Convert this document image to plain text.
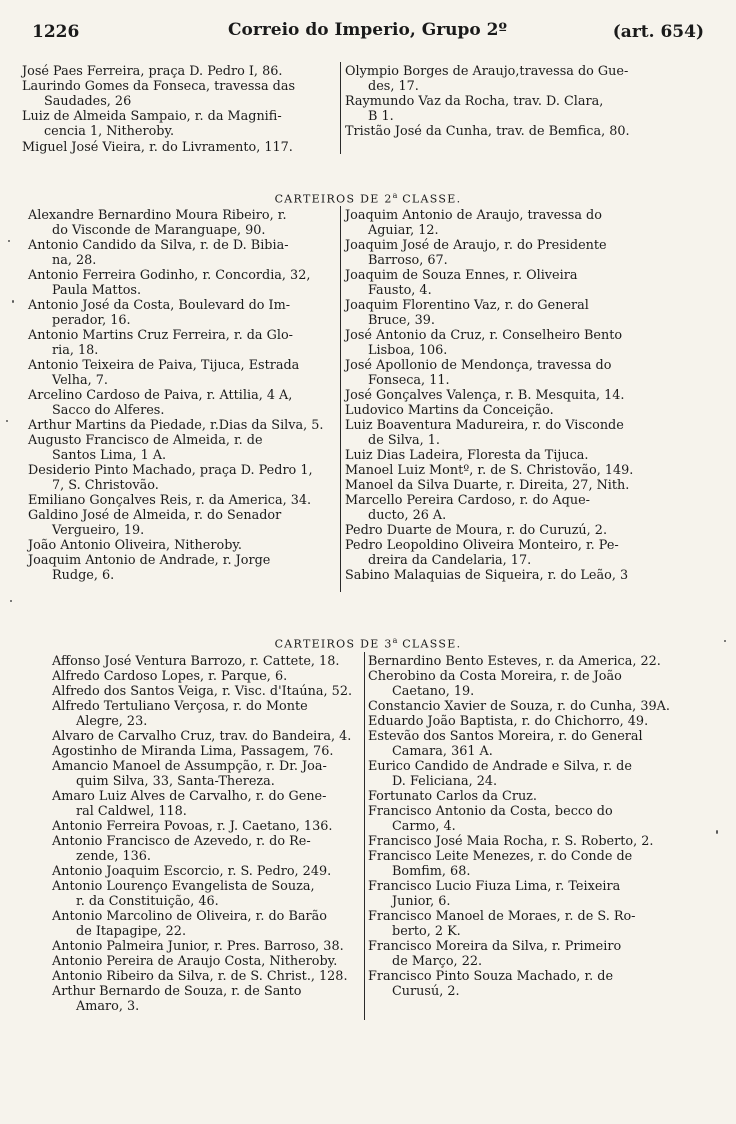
1226	Correio do Imperio, Grupo 2º	(art. 654)
José Paes Ferreira, praça D. Pedro I, 86.
Laurindo Gomes da Fonseca, travessa das
Saudades, 26
Luiz de Almeida Sampaio, r. da Magnifi-
cencia 1, Nitheroby.
Miguel José Vieira, r. do Livramento, 117.
Olympio Borges de Araujo,travessa do Gue-
des, 17.
Raymundo Vaz da Rocha, trav. D. Clara,
B 1.
Tristão José da Cunha, trav. de Bemfica, 80.
CARTEIROS DE 2$^a$ CLASSE.
Alexandre Bernardino Moura Ribeiro, r.
do Visconde de Maranguape, 90.
Antonio Candido da Silva, r. de D. Bibia-
na, 28.
Antonio Ferreira Godinho, r. Concordia, 32,
Paula Mattos.
Antonio José da Costa, Boulevard do Im-
perador, 16.
Antonio Martins Cruz Ferreira, r. da Glo-
ria, 18.
Antonio Teixeira de Paiva, Tijuca, Estrada
Velha, 7.
Arcelino Cardoso de Paiva, r. Attilia, 4 A,
Sacco do Alferes.
Arthur Martins da Piedade, r.Dias da Silva, 5.
Augusto Francisco de Almeida, r. de
Santos Lima, 1 A.
Desiderio Pinto Machado, praça D. Pedro 1,
7, S. Christovão.
Emiliano Gonçalves Reis, r. da America, 34.
Galdino José de Almeida, r. do Senador
Vergueiro, 19.
João Antonio Oliveira, Nitheroby.
Joaquim Antonio de Andrade, r. Jorge
Rudge, 6.
Joaquim Antonio de Araujo, travessa do
Aguiar, 12.
Joaquim José de Araujo, r. do Presidente
Barroso, 67.
Joaquim de Souza Ennes, r. Oliveira
Fausto, 4.
Joaquim Florentino Vaz, r. do General
Bruce, 39.
José Antonio da Cruz, r. Conselheiro Bento
Lisboa, 106.
José Apollonio de Mendonça, travessa do
Fonseca, 11.
José Gonçalves Valença, r. B. Mesquita, 14.
Ludovico Martins da Conceição.
Luiz Boaventura Madureira, r. do Visconde
de Silva, 1.
Luiz Dias Ladeira, Floresta da Tijuca.
Manoel Luiz Montº, r. de S. Christovão, 149.
Manoel da Silva Duarte, r. Direita, 27, Nith.
Marcello Pereira Cardoso, r. do Aque-
ducto, 26 A.
Pedro Duarte de Moura, r. do Curuzú, 2.
Pedro Leopoldino Oliveira Monteiro, r. Pe-
dreira da Candelaria, 17.
Sabino Malaquias de Siqueira, r. do Leão, 3
CARTEIROS DE 3$^a$ CLASSE.
Affonso José Ventura Barrozo, r. Cattete, 18.
Alfredo Cardoso Lopes, r. Parque, 6.
Alfredo dos Santos Veiga, r. Visc. d'Itaúna, 52.
Alfredo Tertuliano Verçosa, r. do Monte
Alegre, 23.
Alvaro de Carvalho Cruz, trav. do Bandeira, 4.
Agostinho de Miranda Lima, Passagem, 76.
Amancio Manoel de Assumpção, r. Dr. Joa-
quim Silva, 33, Santa-Thereza.
Amaro Luiz Alves de Carvalho, r. do Gene-
ral Caldwel, 118.
Antonio Ferreira Povoas, r. J. Caetano, 136.
Antonio Francisco de Azevedo, r. do Re-
zende, 136.
Antonio Joaquim Escorcio, r. S. Pedro, 249.
Antonio Lourenço Evangelista de Souza,
r. da Constituição, 46.
Antonio Marcolino de Oliveira, r. do Barão
de Itapagipe, 22.
Antonio Palmeira Junior, r. Pres. Barroso, 38.
Antonio Pereira de Araujo Costa, Nitheroby.
Antonio Ribeiro da Silva, r. de S. Christ., 128.
Arthur Bernardo de Souza, r. de Santo
Amaro, 3.
Bernardino Bento Esteves, r. da America, 22.
Cherobino da Costa Moreira, r. de João
Caetano, 19.
Constancio Xavier de Souza, r. do Cunha, 39A.
Eduardo João Baptista, r. do Chichorro, 49.
Estevão dos Santos Moreira, r. do General
Camara, 361 A.
Eurico Candido de Andrade e Silva, r. de
D. Feliciana, 24.
Fortunato Carlos da Cruz.
Francisco Antonio da Costa, becco do
Carmo, 4.
Francisco José Maia Rocha, r. S. Roberto, 2.
Francisco Leite Menezes, r. do Conde de
Bomfim, 68.
Francisco Lucio Fiuza Lima, r. Teixeira
Junior, 6.
Francisco Manoel de Moraes, r. de S. Ro-
berto, 2 K.
Francisco Moreira da Silva, r. Primeiro
de Março, 22.
Francisco Pinto Souza Machado, r. de
Curusú, 2.
